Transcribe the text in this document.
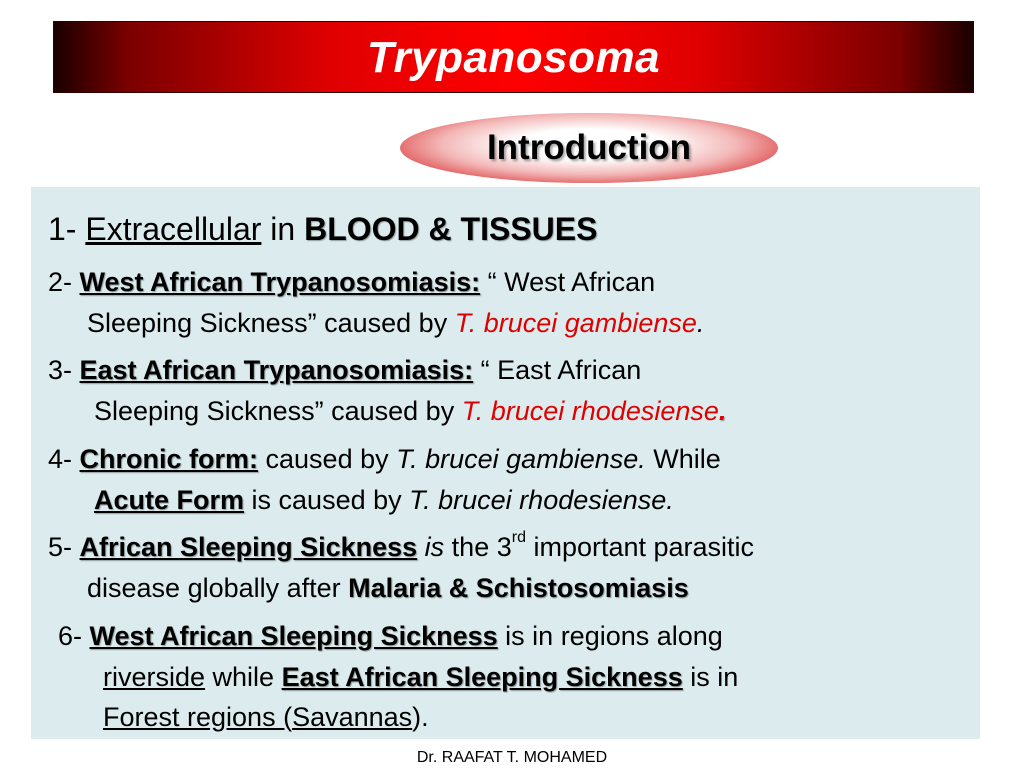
Trypanosoma
Introduction
1- Extracellular in BLOOD & TISSUES
2- West African Trypanosomiasis: “ West African
Sleeping Sickness” caused by T. brucei gambiense.
3- East African Trypanosomiasis: “ East African
Sleeping Sickness” caused by T. brucei rhodesiense.
4- Chronic form: caused by T. brucei gambiense. While
Acute Form is caused by T. brucei rhodesiense.
5- African Sleeping Sickness is the 3rd important parasitic
disease globally after Malaria & Schistosomiasis
6- West African Sleeping Sickness is in regions along
riverside while East African Sleeping Sickness is in
Forest regions (Savannas).
Dr. RAAFAT T. MOHAMED
